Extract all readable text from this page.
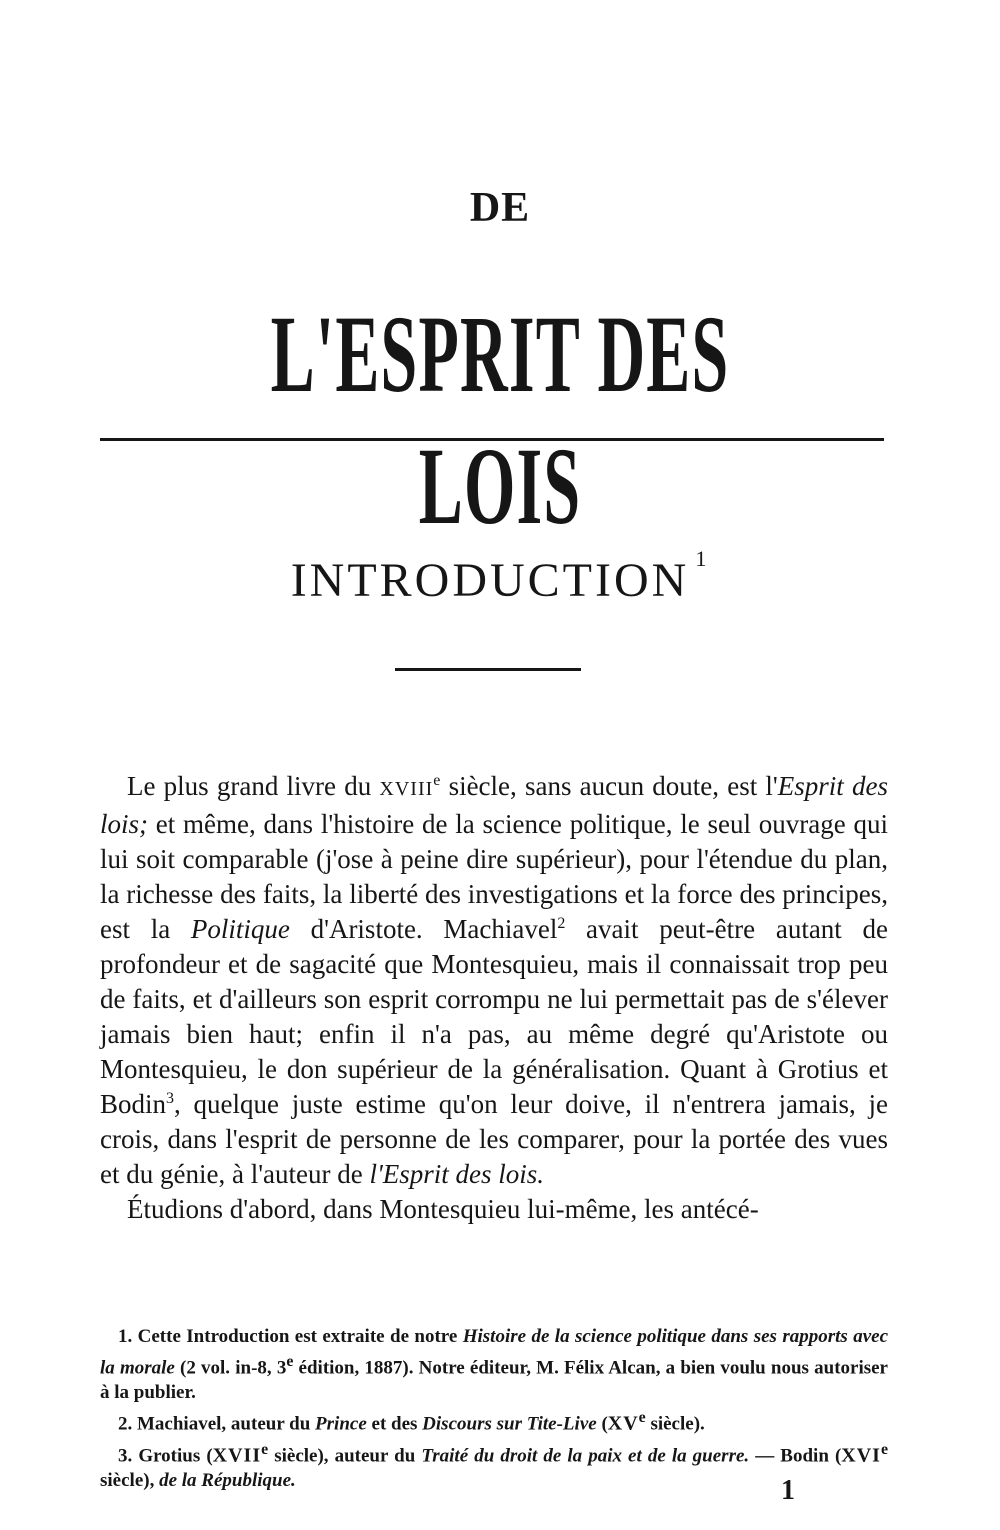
DE
L'ESPRIT DES LOIS
INTRODUCTION $^1$

Le plus grand livre du XVIIIe siècle, sans aucun doute, est l'Esprit des lois; et même, dans l'histoire de la science politique, le seul ouvrage qui lui soit comparable (j'ose à peine dire supérieur), pour l'étendue du plan, la richesse des faits, la liberté des investigations et la force des principes, est la Politique d'Aristote. Machiavel$^2$ avait peut-être autant de profondeur et de sagacité que Montesquieu, mais il connaissait trop peu de faits, et d'ailleurs son esprit corrompu ne lui permettait pas de s'élever jamais bien haut; enfin il n'a pas, au même degré qu'Aristote ou Montesquieu, le don supérieur de la généralisation. Quant à Grotius et Bodin$^3$, quelque juste estime qu'on leur doive, il n'entrera jamais, je crois, dans l'esprit de personne de les comparer, pour la portée des vues et du génie, à l'auteur de l'Esprit des lois.

Étudions d'abord, dans Montesquieu lui-même, les antécé-

1. Cette Introduction est extraite de notre Histoire de la science politique dans ses rapports avec la morale (2 vol. in-8, 3e édition, 1887). Notre éditeur, M. Félix Alcan, a bien voulu nous autoriser à la publier.

2. Machiavel, auteur du Prince et des Discours sur Tite-Live (XVe siècle).

3. Grotius (XVIIe siècle), auteur du Traité du droit de la paix et de la guerre. — Bodin (XVIe siècle), de la République.	1
